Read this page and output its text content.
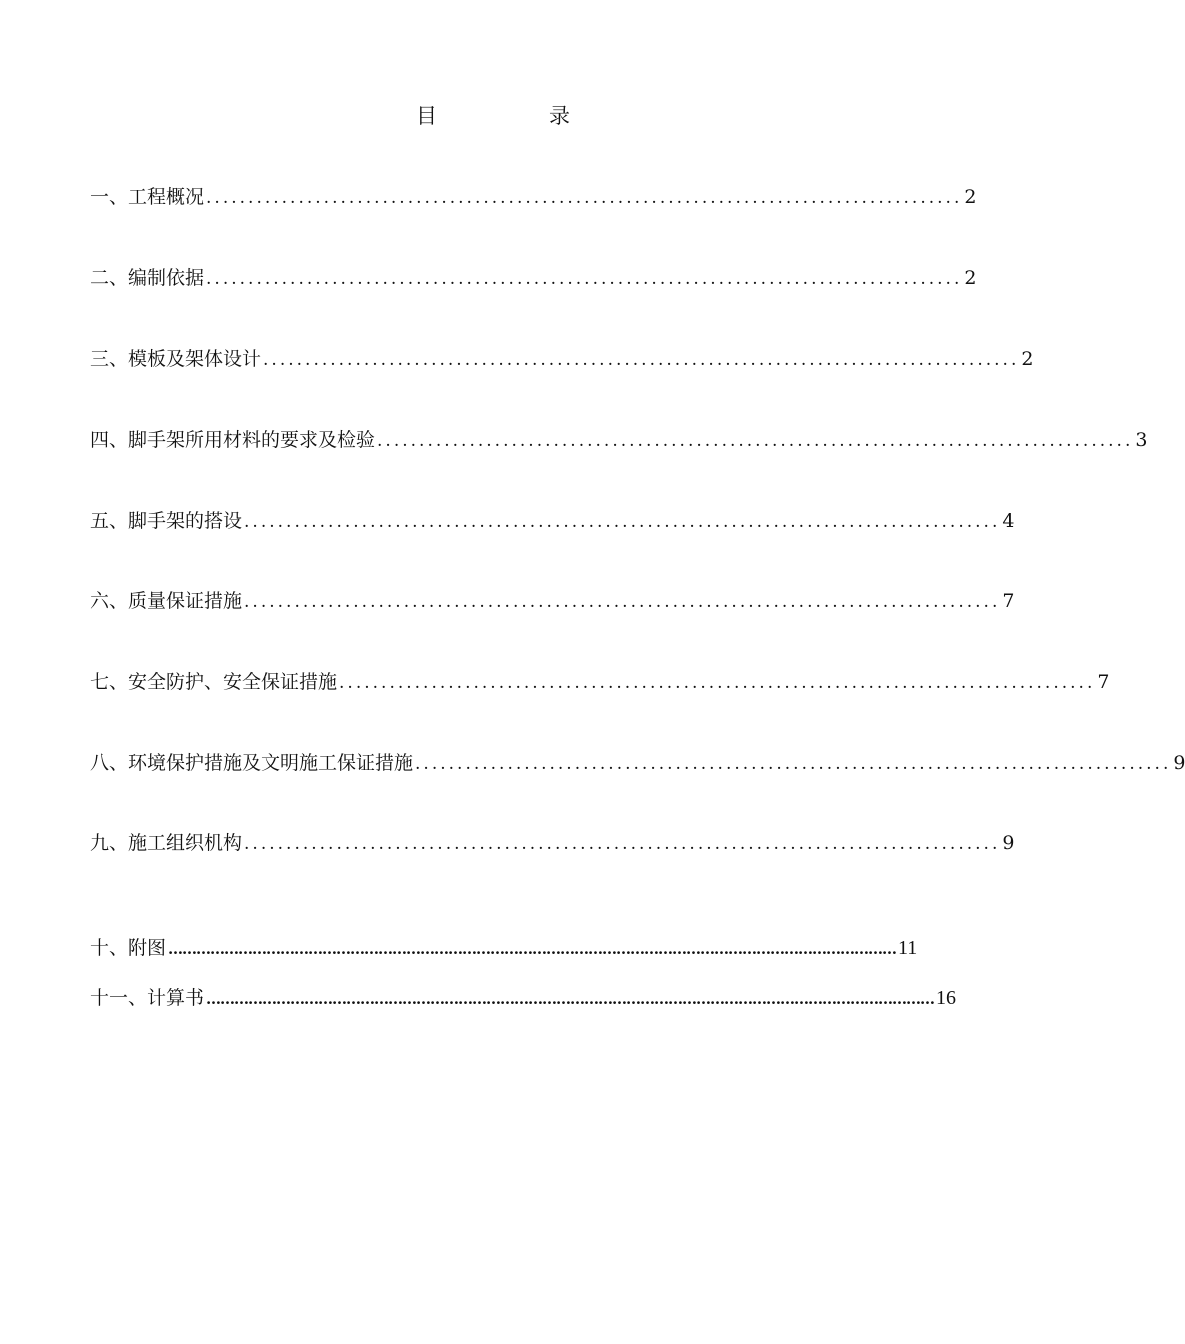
目	录
一、工程概况 .......................................................................................... 2
二、编制依据 .......................................................................................... 2
三、模板及架体设计 .......................................................................................... 2
四、脚手架所用材料的要求及检验 .......................................................................................... 3
五、脚手架的搭设 .......................................................................................... 4
六、质量保证措施 .......................................................................................... 7
七、安全防护、安全保证措施 .......................................................................................... 7
八、环境保护措施及文明施工保证措施 .......................................................................................... 9
九、施工组织机构 .......................................................................................... 9
十、附图 ………………………………………………………………………………………………………………………………………… 11
十一、计算书 ………………………………………………………………………………………………………………………………………… 16
